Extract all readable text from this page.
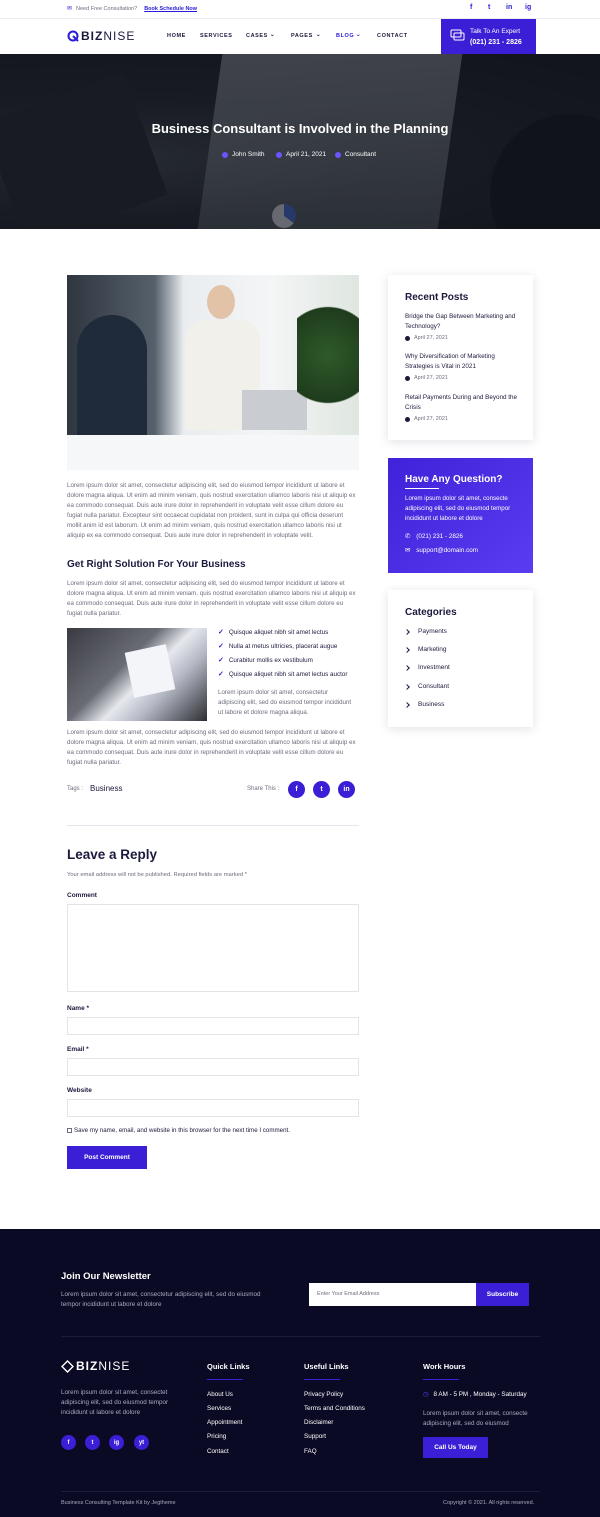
✉ Need Free Consultation? Book Schedule Now	f t in ig
BIZ NISE	HOME	SERVICES CASES ⌄	PAGES ⌄	BLOG ⌄	CONTACT
Talk To An Expert
(021) 231 - 2826
Business Consultant is Involved in the Planning
John Smith	April 21, 2021	Consultant

Lorem ipsum dolor sit amet, consectetur adipiscing elit, sed do eiusmod tempor incididunt ut labore et dolore magna aliqua. Ut enim ad minim veniam, quis nostrud exercitation ullamco laboris nisi ut aliquip ex ea commodo consequat. Duis aute irure dolor in reprehenderit in voluptate velit esse cillum dolore eu fugiat nulla pariatur. Excepteur sint occaecat cupidatat non proident, sunt in culpa qui officia deserunt mollit anim id est laborum. Ut enim ad minim veniam, quis nostrud exercitation ullamco laboris nisi ut aliquip ex ea commodo consequat. Duis aute irure dolor in reprehenderit in voluptate velit.

Get Right Solution For Your Business

Lorem ipsum dolor sit amet, consectetur adipiscing elit, sed do eiusmod tempor incididunt ut labore et dolore magna aliqua. Ut enim ad minim veniam, quis nostrud exercitation ullamco laboris nisi ut aliquip ex ea commodo consequat. Duis aute irure dolor in reprehenderit in voluptate velit esse cillum dolore eu fugiat nulla pariatur.

✓ Quisque aliquet nibh sit amet lectus
✓ Nulla at metus ultricies, placerat augue
✓ Curabitur mollis ex vestibulum
✓ Quisque aliquet nibh sit amet lectus auctor

Lorem ipsum dolor sit amet, consectetur adipiscing elit, sed do eiusmod tempor incididunt ut labore et dolore magna aliqua.

Lorem ipsum dolor sit amet, consectetur adipiscing elit, sed do eiusmod tempor incididunt ut labore et dolore magna aliqua. Ut enim ad minim veniam, quis nostrud exercitation ullamco laboris nisi ut aliquip ex ea commodo consequat. Duis aute irure dolor in reprehenderit in voluptate velit esse cillum dolore eu fugiat nulla pariatur.

Tags : Business	Share This :	f	t	in
Leave a Reply
Your email address will not be published. Required fields are marked *
Comment
Name *
Email *
Website
Save my name, email, and website in this browser for the next time I comment.
Post Comment
Recent Posts
Bridge the Gap Between Marketing and Technology?
April 27, 2021
Why Diversification of Marketing Strategies is Vital in 2021
April 27, 2021
Retail Payments During and Beyond the Crisis
April 27, 2021
Have Any Question?

Lorem ipsum dolor sit amet, consecte adipiscing elit, sed do eiusmod tempor incididunt ut labore et dolore

✆ (021) 231 - 2826
✉ support@domain.com
Categories
Payments
Marketing
Investment
Consultant
Business
Join Our Newsletter

Lorem ipsum dolor sit amet, consectetur adipiscing elit, sed do eiusmod tempor incididunt ut labore et dolore

Enter Your Email Address	Subscribe
BIZ NISE

Lorem ipsum dolor sit amet, consectet adipiscing elit, sed do eiusmod tempor incididunt ut labore et dolore

f	t	ig	yt
Quick Links
About Us
Services
Appointment
Pricing
Contact
Useful Links
Privacy Policy
Terms and Conditions
Disclaimer
Support
FAQ
Work Hours
◷ 8 AM - 5 PM , Monday - Saturday

Lorem ipsum dolor sit amet, consecte adipiscing elit, sed do eiusmod

Call Us Today
Business Consulting Template Kit by Jegtheme	Copyright © 2021. All rights reserved.
